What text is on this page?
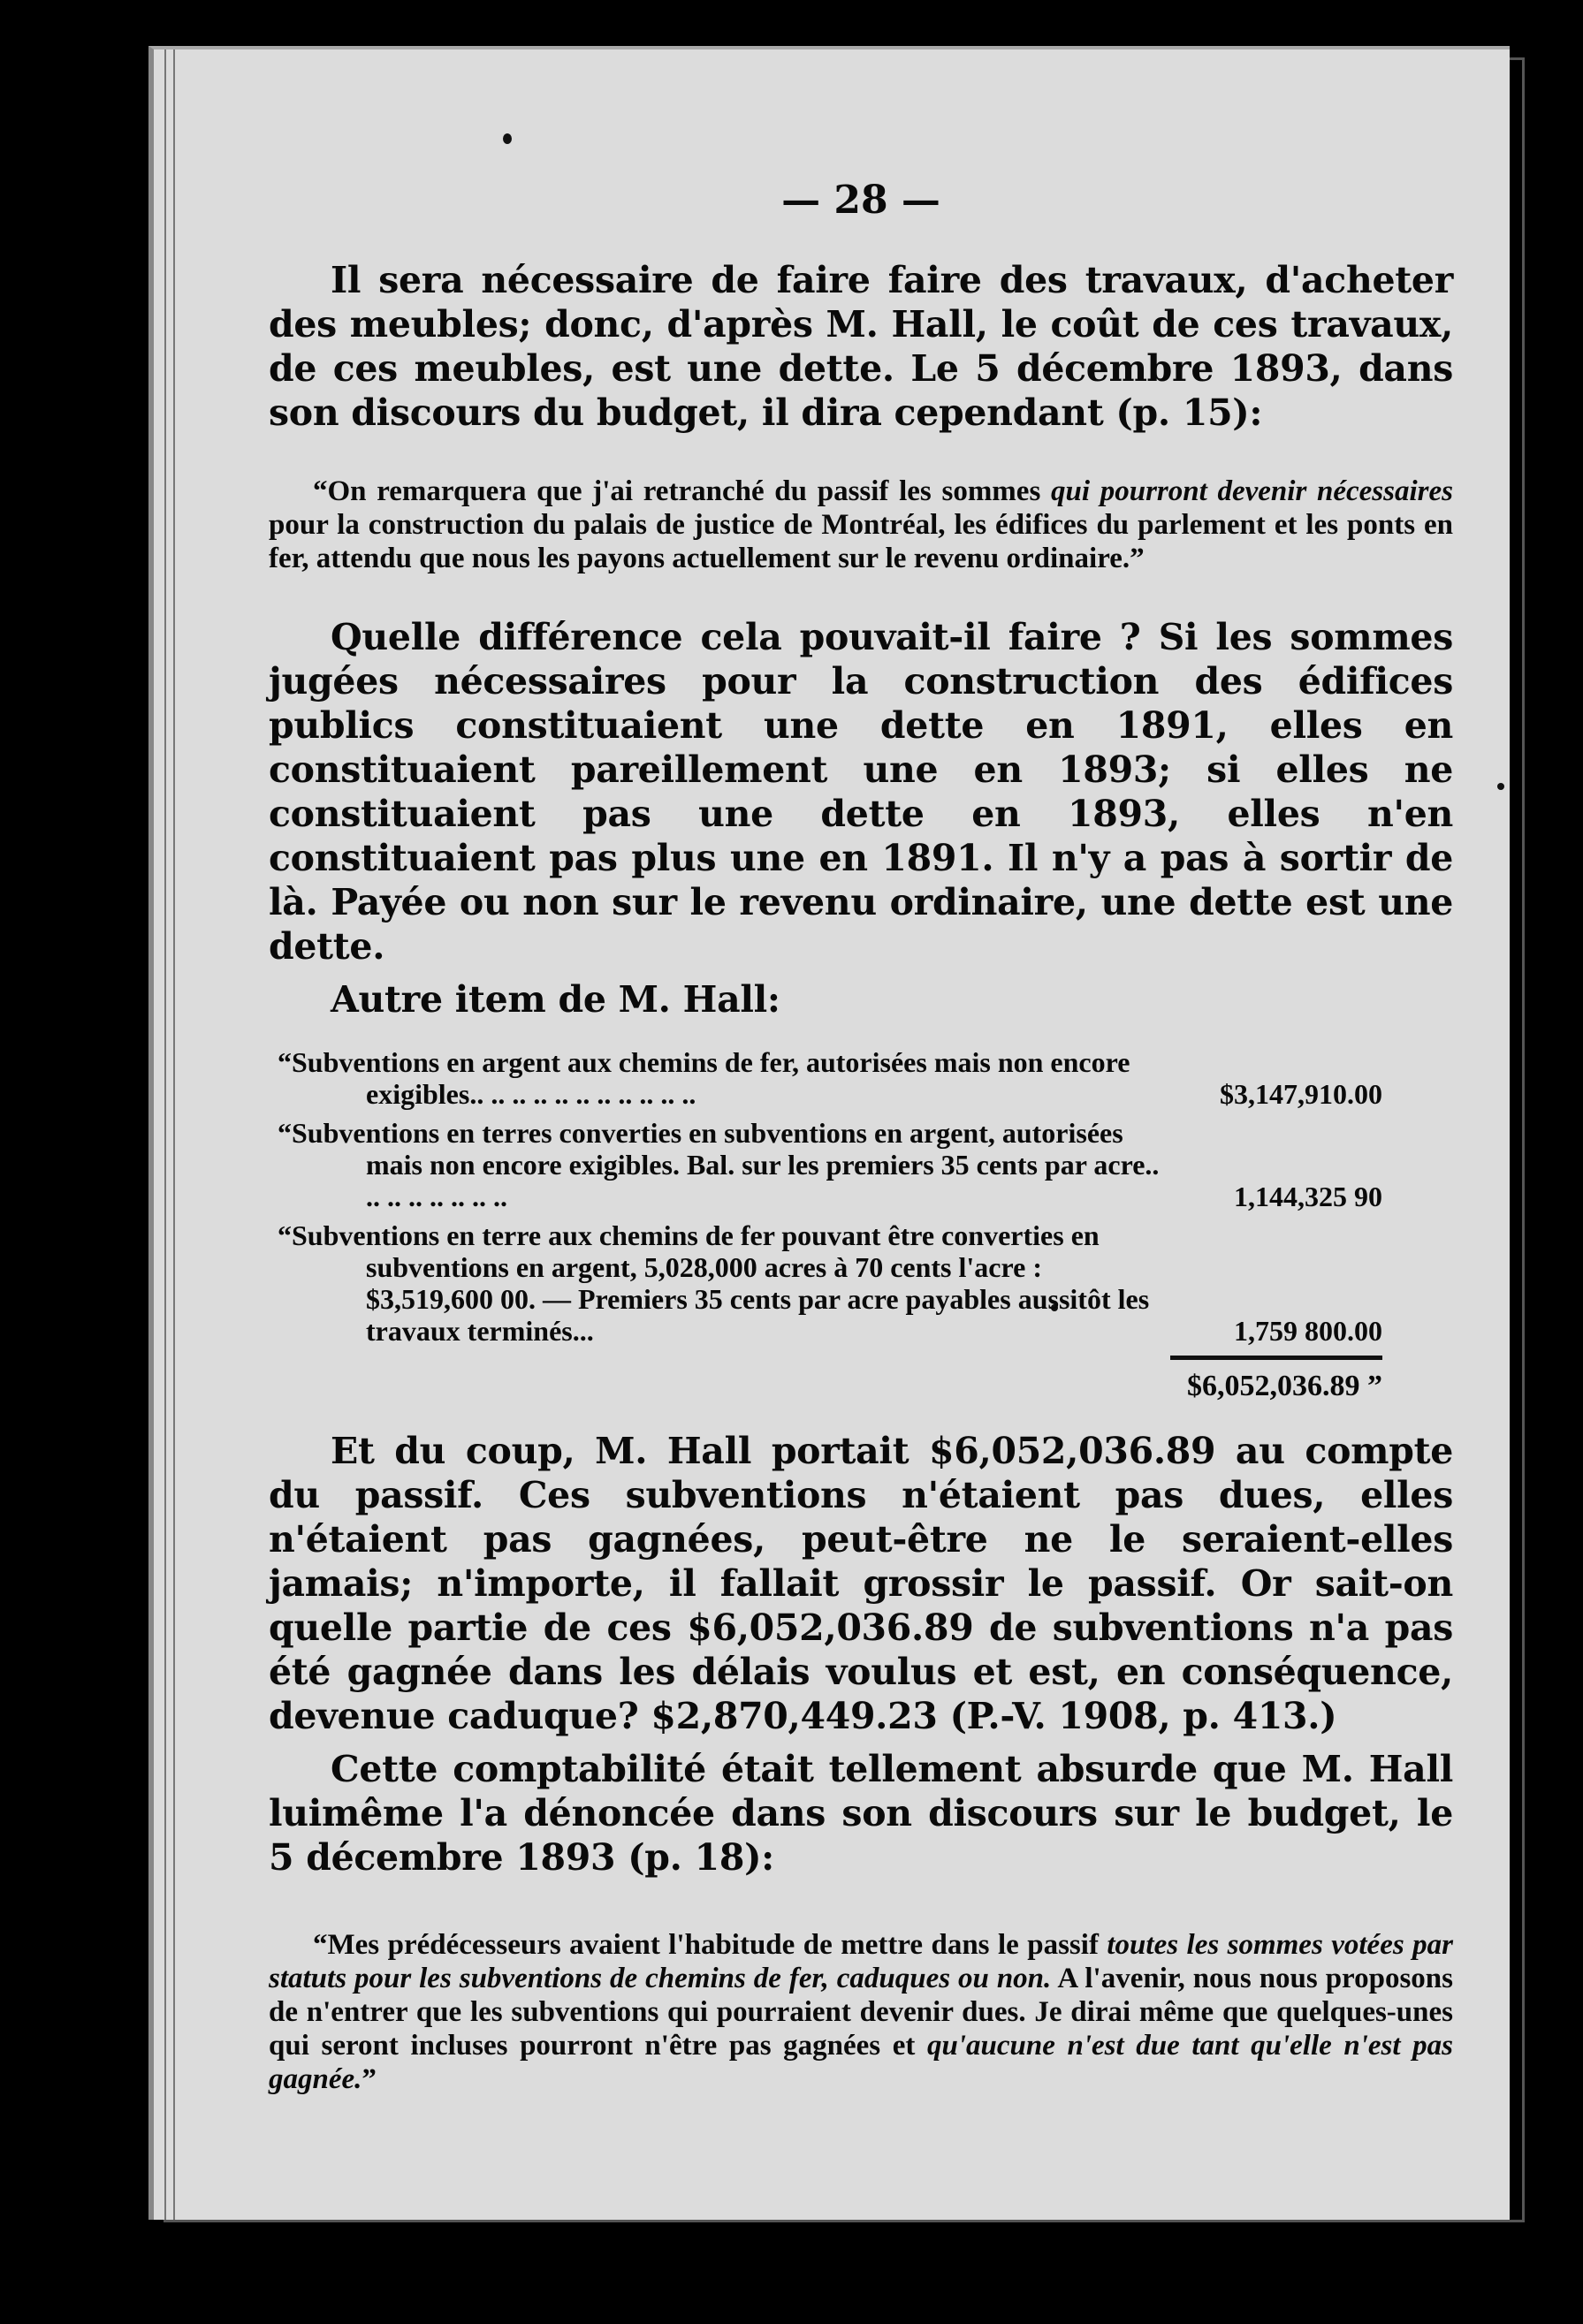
— 28 —

Il sera nécessaire de faire faire des travaux, d'acheter des meubles; donc, d'après M. Hall, le coût de ces travaux, de ces meubles, est une dette. Le 5 décembre 1893, dans son discours du budget, il dira cependant (p. 15):

“On remarquera que j'ai retranché du passif les sommes qui pourront devenir nécessaires pour la construction du palais de justice de Montréal, les édifices du parlement et les ponts en fer, attendu que nous les payons actuellement sur le revenu ordinaire.”

Quelle différence cela pouvait-il faire ? Si les sommes jugées nécessaires pour la construction des édifices publics constituaient une dette en 1891, elles en constituaient pareillement une en 1893; si elles ne constituaient pas une dette en 1893, elles n'en constituaient pas plus une en 1891. Il n'y a pas à sortir de là. Payée ou non sur le revenu ordinaire, une dette est une dette.

Autre item de M. Hall:

“Subventions en argent aux chemins de fer, autorisées mais non encore exigibles.. .. .. .. .. .. .. .. .. .. ..	$3,147,910.00
“Subventions en terres converties en subventions en argent, autorisées mais non encore exigibles. Bal. sur les premiers 35 cents par acre.. .. .. .. .. .. .. ..	1,144,325 90
“Subventions en terre aux chemins de fer pouvant être converties en subventions en argent, 5,028,000 acres à 70 cents l'acre : $3,519,600 00. — Premiers 35 cents par acre payables aussitôt les travaux terminés...	1,759 800.00
$6,052,036.89 ”

Et du coup, M. Hall portait $6,052,036.89 au compte du passif. Ces subventions n'étaient pas dues, elles n'étaient pas gagnées, peut-être ne le seraient-elles jamais; n'importe, il fallait grossir le passif. Or sait-on quelle partie de ces $6,052,036.89 de subventions n'a pas été gagnée dans les délais voulus et est, en conséquence, devenue caduque? $2,870,449.23 (P.-V. 1908, p. 413.)

Cette comptabilité était tellement absurde que M. Hall luimême l'a dénoncée dans son discours sur le budget, le 5 décembre 1893 (p. 18):

“Mes prédécesseurs avaient l'habitude de mettre dans le passif toutes les sommes votées par statuts pour les subventions de chemins de fer, caduques ou non. A l'avenir, nous nous proposons de n'entrer que les subventions qui pourraient devenir dues. Je dirai même que quelques-unes qui seront incluses pourront n'être pas gagnées et qu'aucune n'est due tant qu'elle n'est pas gagnée.”
